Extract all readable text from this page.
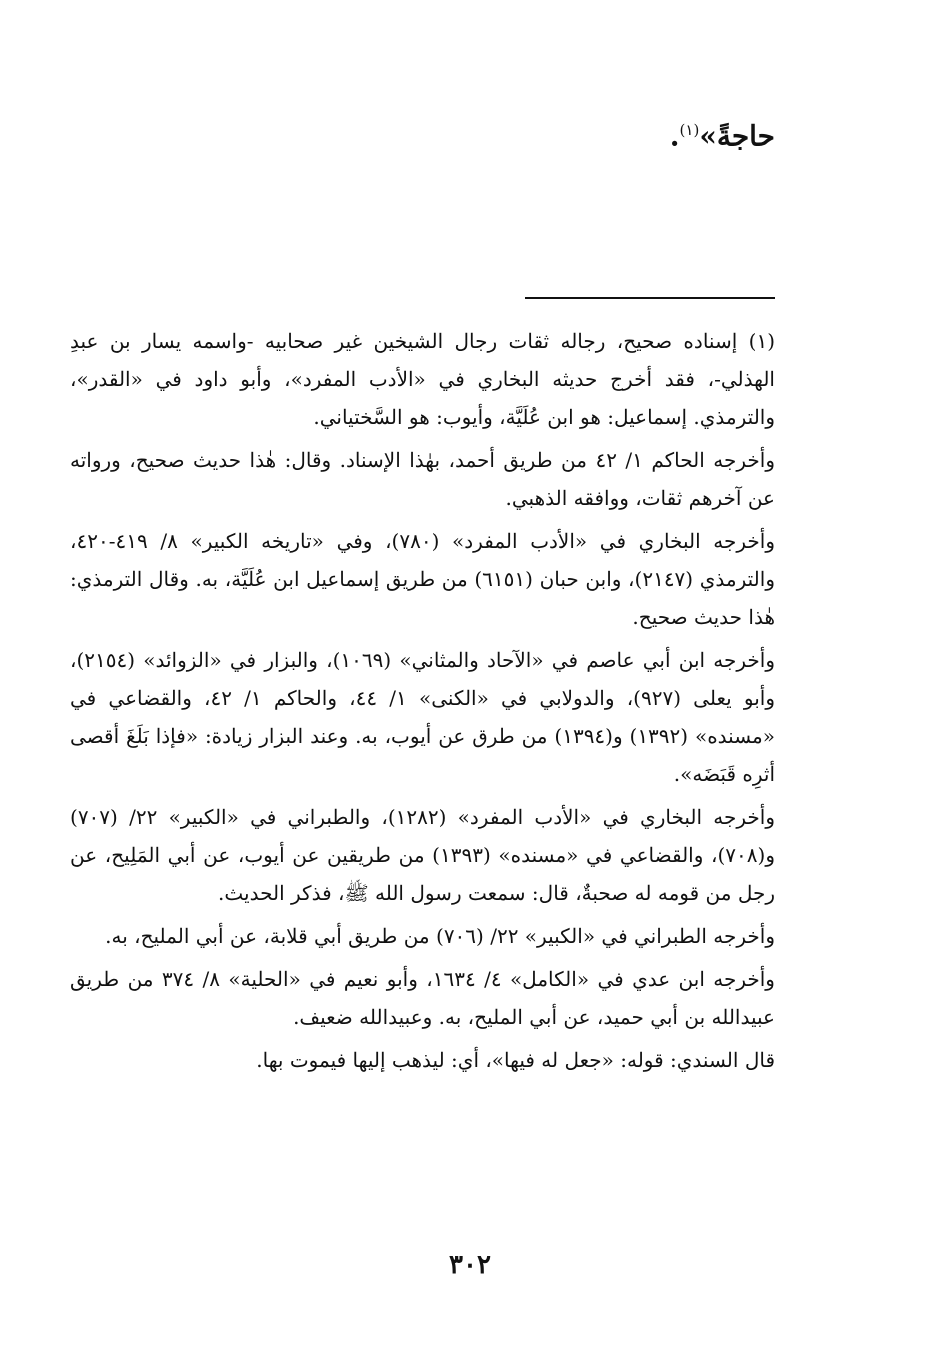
حاجةً»$^{(١)}$.

(١) إسناده صحيح، رجاله ثقات رجال الشيخين غير صحابيه -واسمه يسار بن عبدِ الهذلي-، فقد أخرج حديثه البخاري في «الأدب المفرد»، وأبو داود في «القدر»، والترمذي. إسماعيل: هو ابن عُلَيَّة، وأيوب: هو السَّختياني.

وأخرجه الحاكم ١/ ٤٢ من طريق أحمد، بهٰذا الإسناد. وقال: هٰذا حديث صحيح، ورواته عن آخرهم ثقات، ووافقه الذهبي.

وأخرجه البخاري في «الأدب المفرد» (٧٨٠)، وفي «تاريخه الكبير» ٨/ ٤١٩-٤٢٠، والترمذي (٢١٤٧)، وابن حبان (٦١٥١) من طريق إسماعيل ابن عُلَيَّة، به. وقال الترمذي: هٰذا حديث صحيح.

وأخرجه ابن أبي عاصم في «الآحاد والمثاني» (١٠٦٩)، والبزار في «الزوائد» (٢١٥٤)، وأبو يعلى (٩٢٧)، والدولابي في «الكنى» ١/ ٤٤، والحاكم ١/ ٤٢، والقضاعي في «مسنده» (١٣٩٢) و(١٣٩٤) من طرق عن أيوب، به. وعند البزار زيادة: «فإذا بَلَغَ أقصى أثرِه قَبَضَه».

وأخرجه البخاري في «الأدب المفرد» (١٢٨٢)، والطبراني في «الكبير» ٢٢/ (٧٠٧) و(٧٠٨)، والقضاعي في «مسنده» (١٣٩٣) من طريقين عن أيوب، عن أبي المَلِيح، عن رجل من قومه له صحبةٌ، قال: سمعت رسول الله ﷺ، فذكر الحديث.

وأخرجه الطبراني في «الكبير» ٢٢/ (٧٠٦) من طريق أبي قلابة، عن أبي المليح، به.

وأخرجه ابن عدي في «الكامل» ٤/ ١٦٣٤، وأبو نعيم في «الحلية» ٨/ ٣٧٤ من طريق عبيدالله بن أبي حميد، عن أبي المليح، به. وعبيدالله ضعيف.

قال السندي: قوله: «جعل له فيها»، أي: ليذهب إليها فيموت بها.

٣٠٢
